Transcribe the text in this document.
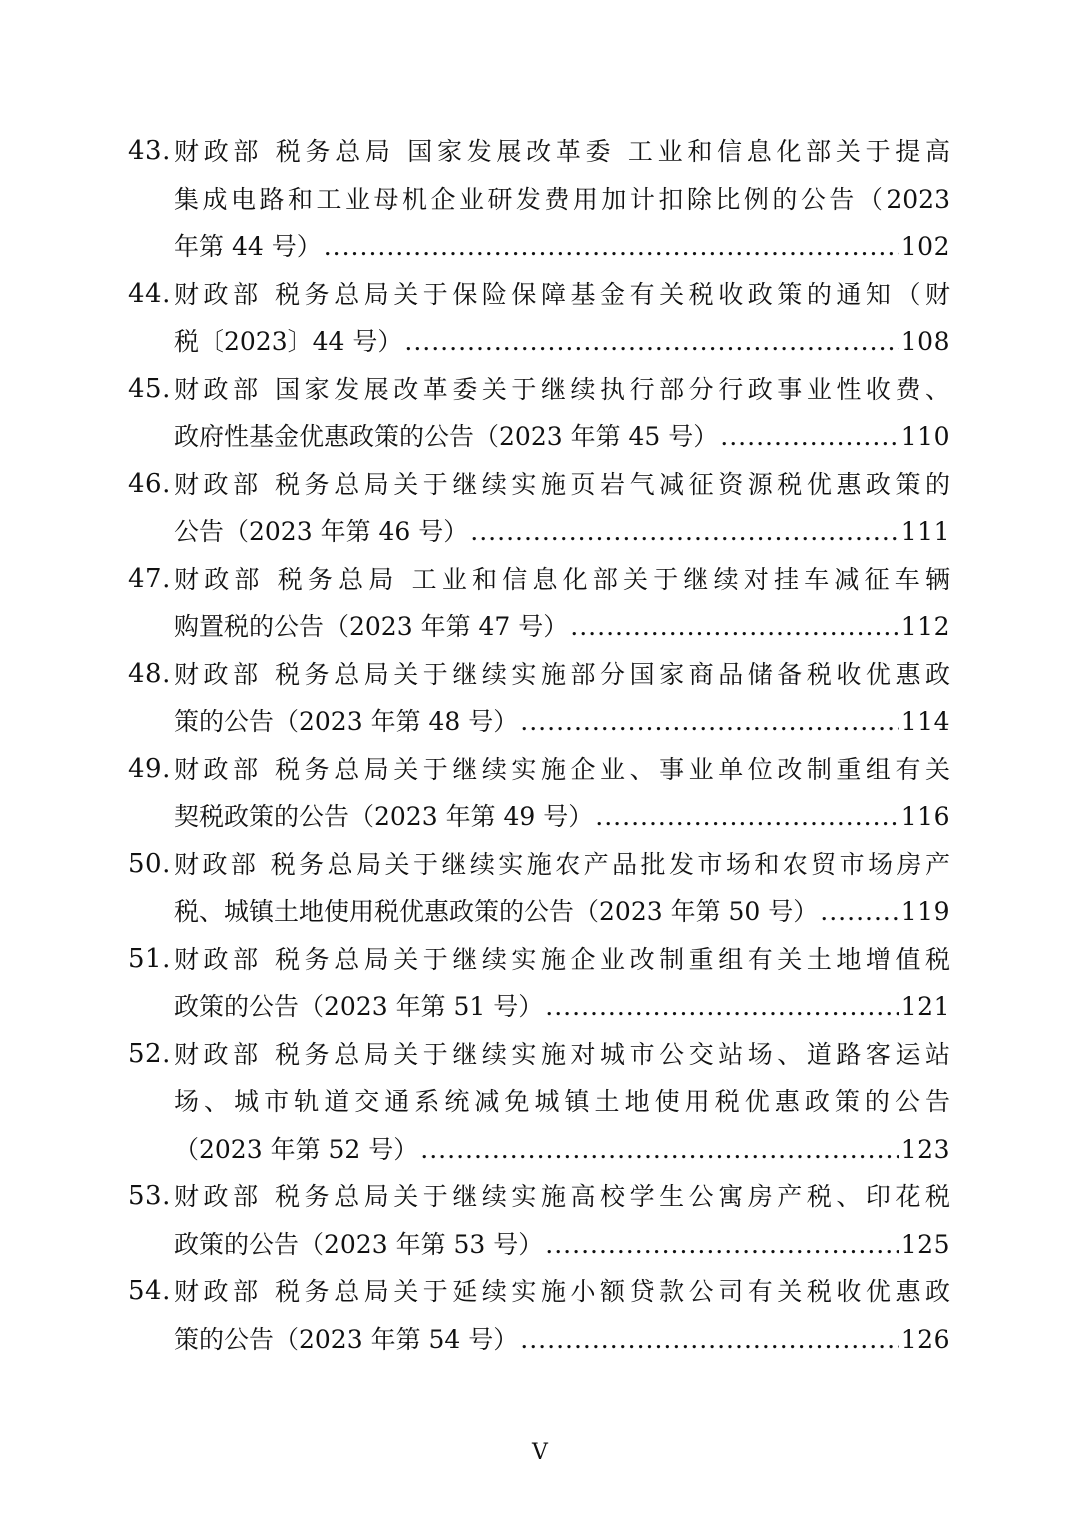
43. 财政部 税务总局 国家发展改革委 工业和信息化部关于提高
集成电路和工业母机企业研发费用加计扣除比例的公告（2023
年第 44 号） .....	102
44. 财政部 税务总局关于保险保障基金有关税收政策的通知（财
税〔2023〕44 号） .....	108
45. 财政部 国家发展改革委关于继续执行部分行政事业性收费、
政府性基金优惠政策的公告（2023 年第 45 号） .....	110
46. 财政部 税务总局关于继续实施页岩气减征资源税优惠政策的
公告（2023 年第 46 号） .....	111
47. 财政部 税务总局 工业和信息化部关于继续对挂车减征车辆
购置税的公告（2023 年第 47 号） .....	112
48. 财政部 税务总局关于继续实施部分国家商品储备税收优惠政
策的公告（2023 年第 48 号） .....	114
49. 财政部 税务总局关于继续实施企业、事业单位改制重组有关
契税政策的公告（2023 年第 49 号） .....	116
50. 财政部 税务总局关于继续实施农产品批发市场和农贸市场房产
税、城镇土地使用税优惠政策的公告（2023 年第 50 号） .....	119
51. 财政部 税务总局关于继续实施企业改制重组有关土地增值税
政策的公告（2023 年第 51 号） .....	121
52. 财政部 税务总局关于继续实施对城市公交站场、道路客运站
场、城市轨道交通系统减免城镇土地使用税优惠政策的公告
（2023 年第 52 号） .....	123
53. 财政部 税务总局关于继续实施高校学生公寓房产税、印花税
政策的公告（2023 年第 53 号） .....	125
54. 财政部 税务总局关于延续实施小额贷款公司有关税收优惠政
策的公告（2023 年第 54 号） .....	126
V
